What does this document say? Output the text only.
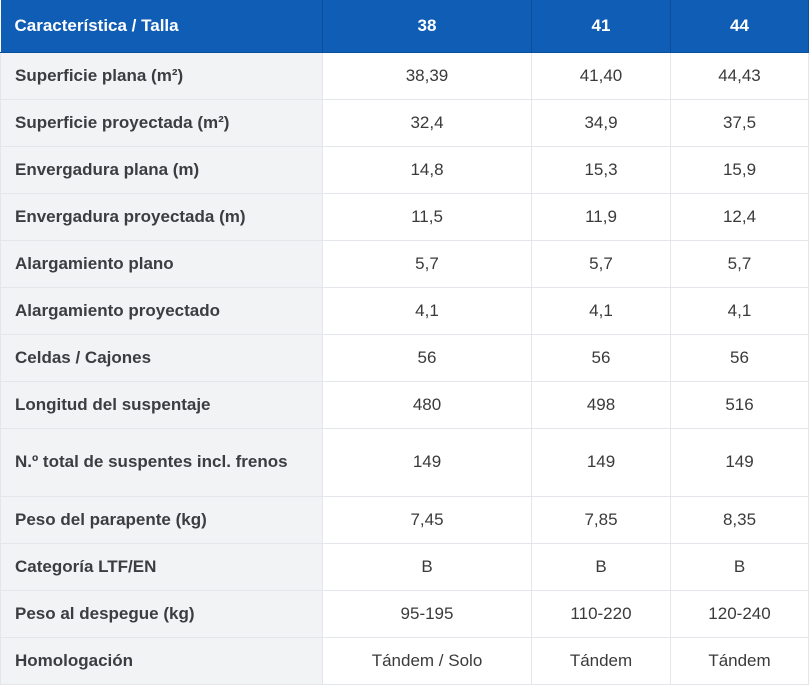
Característica / Talla	38	41	44
Superficie plana (m²)	38,39	41,40	44,43
Superficie proyectada (m²)	32,4	34,9	37,5
Envergadura plana (m)	14,8	15,3	15,9
Envergadura proyectada (m)	11,5	11,9	12,4
Alargamiento plano	5,7	5,7	5,7
Alargamiento proyectado	4,1	4,1	4,1
Celdas / Cajones	56	56	56
Longitud del suspentaje	480	498	516
N.º total de suspentes incl. frenos	149	149	149
Peso del parapente (kg)	7,45	7,85	8,35
Categoría LTF/EN	B	B	B
Peso al despegue (kg)	95-195	110-220	120-240
Homologación	Tándem / Solo	Tándem	Tándem
